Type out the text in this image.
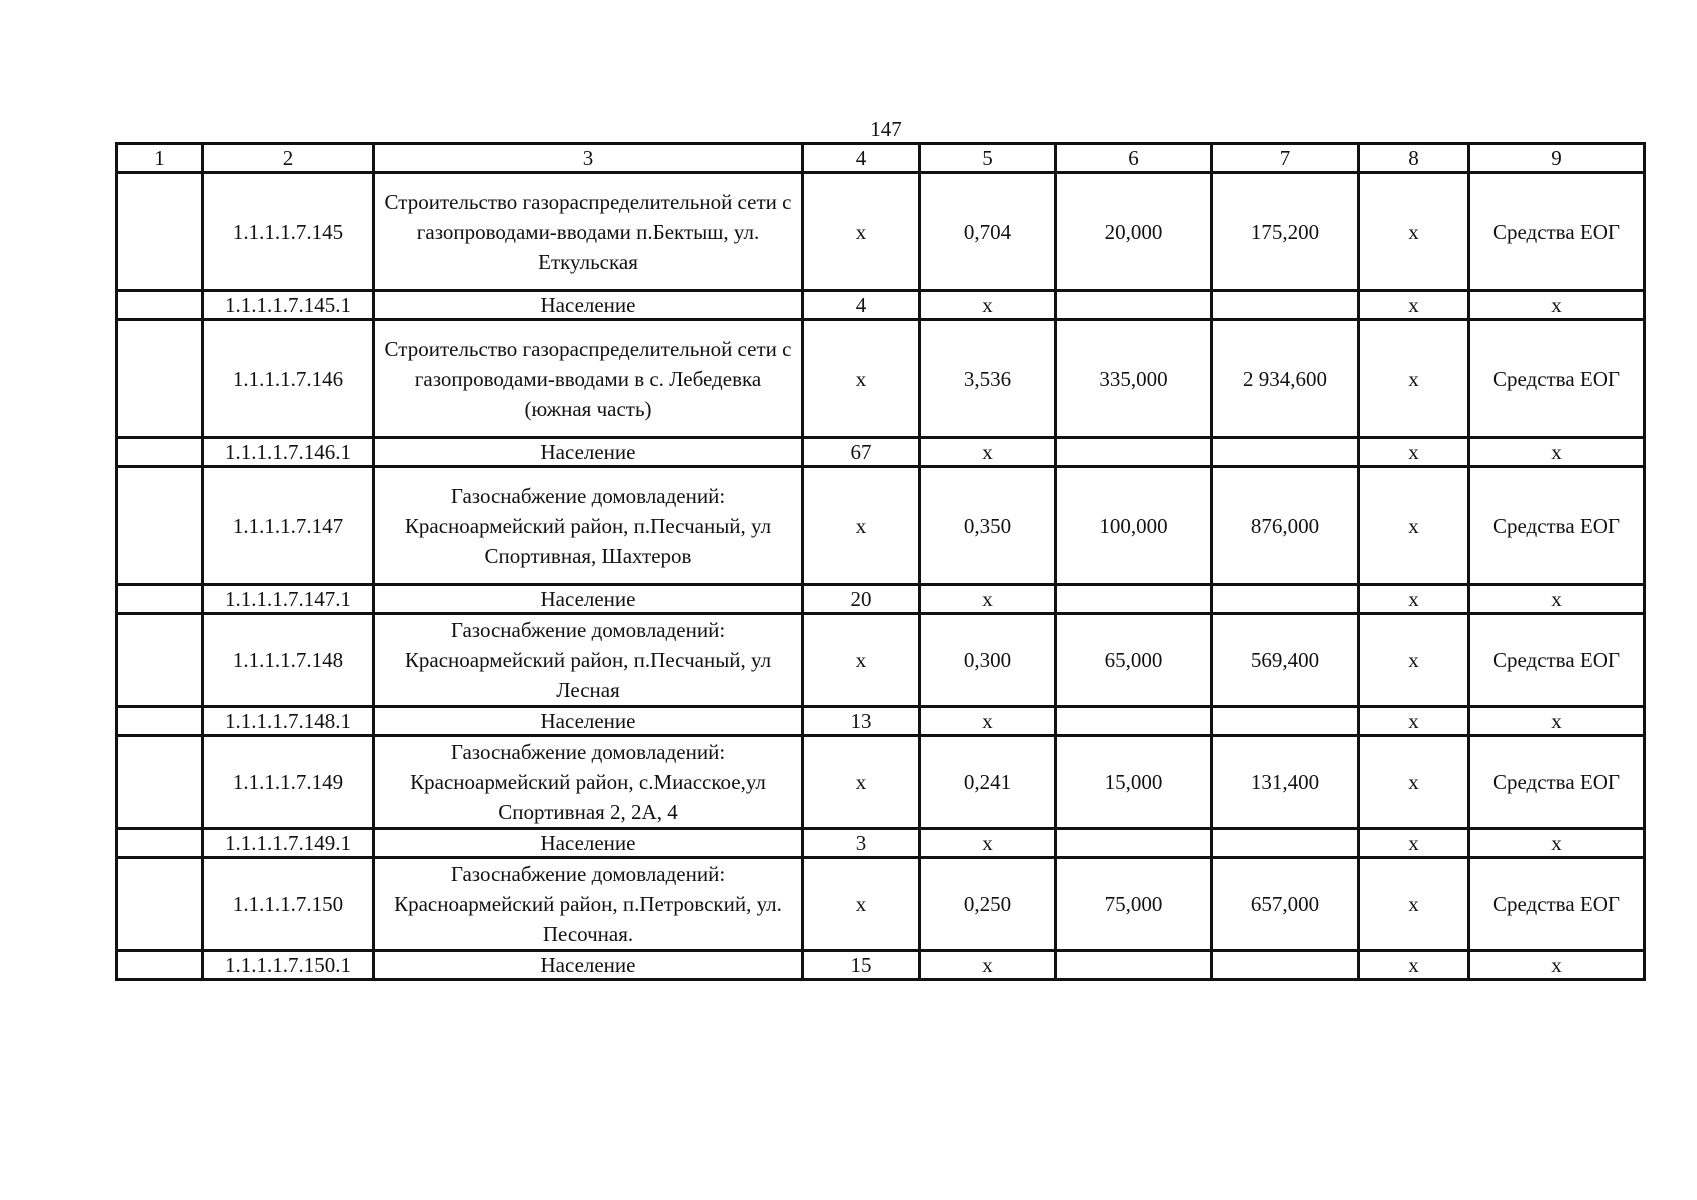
147
1	2	3	4	5	6	7	8	9
	1.1.1.1.7.145	Строительство газораспределительной сети с газопроводами-вводами п.Бектыш, ул. Еткульская	х	0,704	20,000	175,200	х	Средства ЕОГ
	1.1.1.1.7.145.1	Население	4	х			х	х
	1.1.1.1.7.146	Строительство газораспределительной сети с газопроводами-вводами в с. Лебедевка (южная часть)	х	3,536	335,000	2 934,600	х	Средства ЕОГ
	1.1.1.1.7.146.1	Население	67	х			х	х
	1.1.1.1.7.147	Газоснабжение домовладений: Красноармейский район, п.Песчаный, ул Спортивная, Шахтеров	х	0,350	100,000	876,000	х	Средства ЕОГ
	1.1.1.1.7.147.1	Население	20	х			х	х
	1.1.1.1.7.148	Газоснабжение домовладений: Красноармейский район, п.Песчаный, ул Лесная	х	0,300	65,000	569,400	х	Средства ЕОГ
	1.1.1.1.7.148.1	Население	13	х			х	х
	1.1.1.1.7.149	Газоснабжение домовладений: Красноармейский район, с.Миасское,ул Спортивная 2, 2А, 4	х	0,241	15,000	131,400	х	Средства ЕОГ
	1.1.1.1.7.149.1	Население	3	х			х	х
	1.1.1.1.7.150	Газоснабжение домовладений: Красноармейский район, п.Петровский, ул. Песочная.	х	0,250	75,000	657,000	х	Средства ЕОГ
	1.1.1.1.7.150.1	Население	15	х			х	х
